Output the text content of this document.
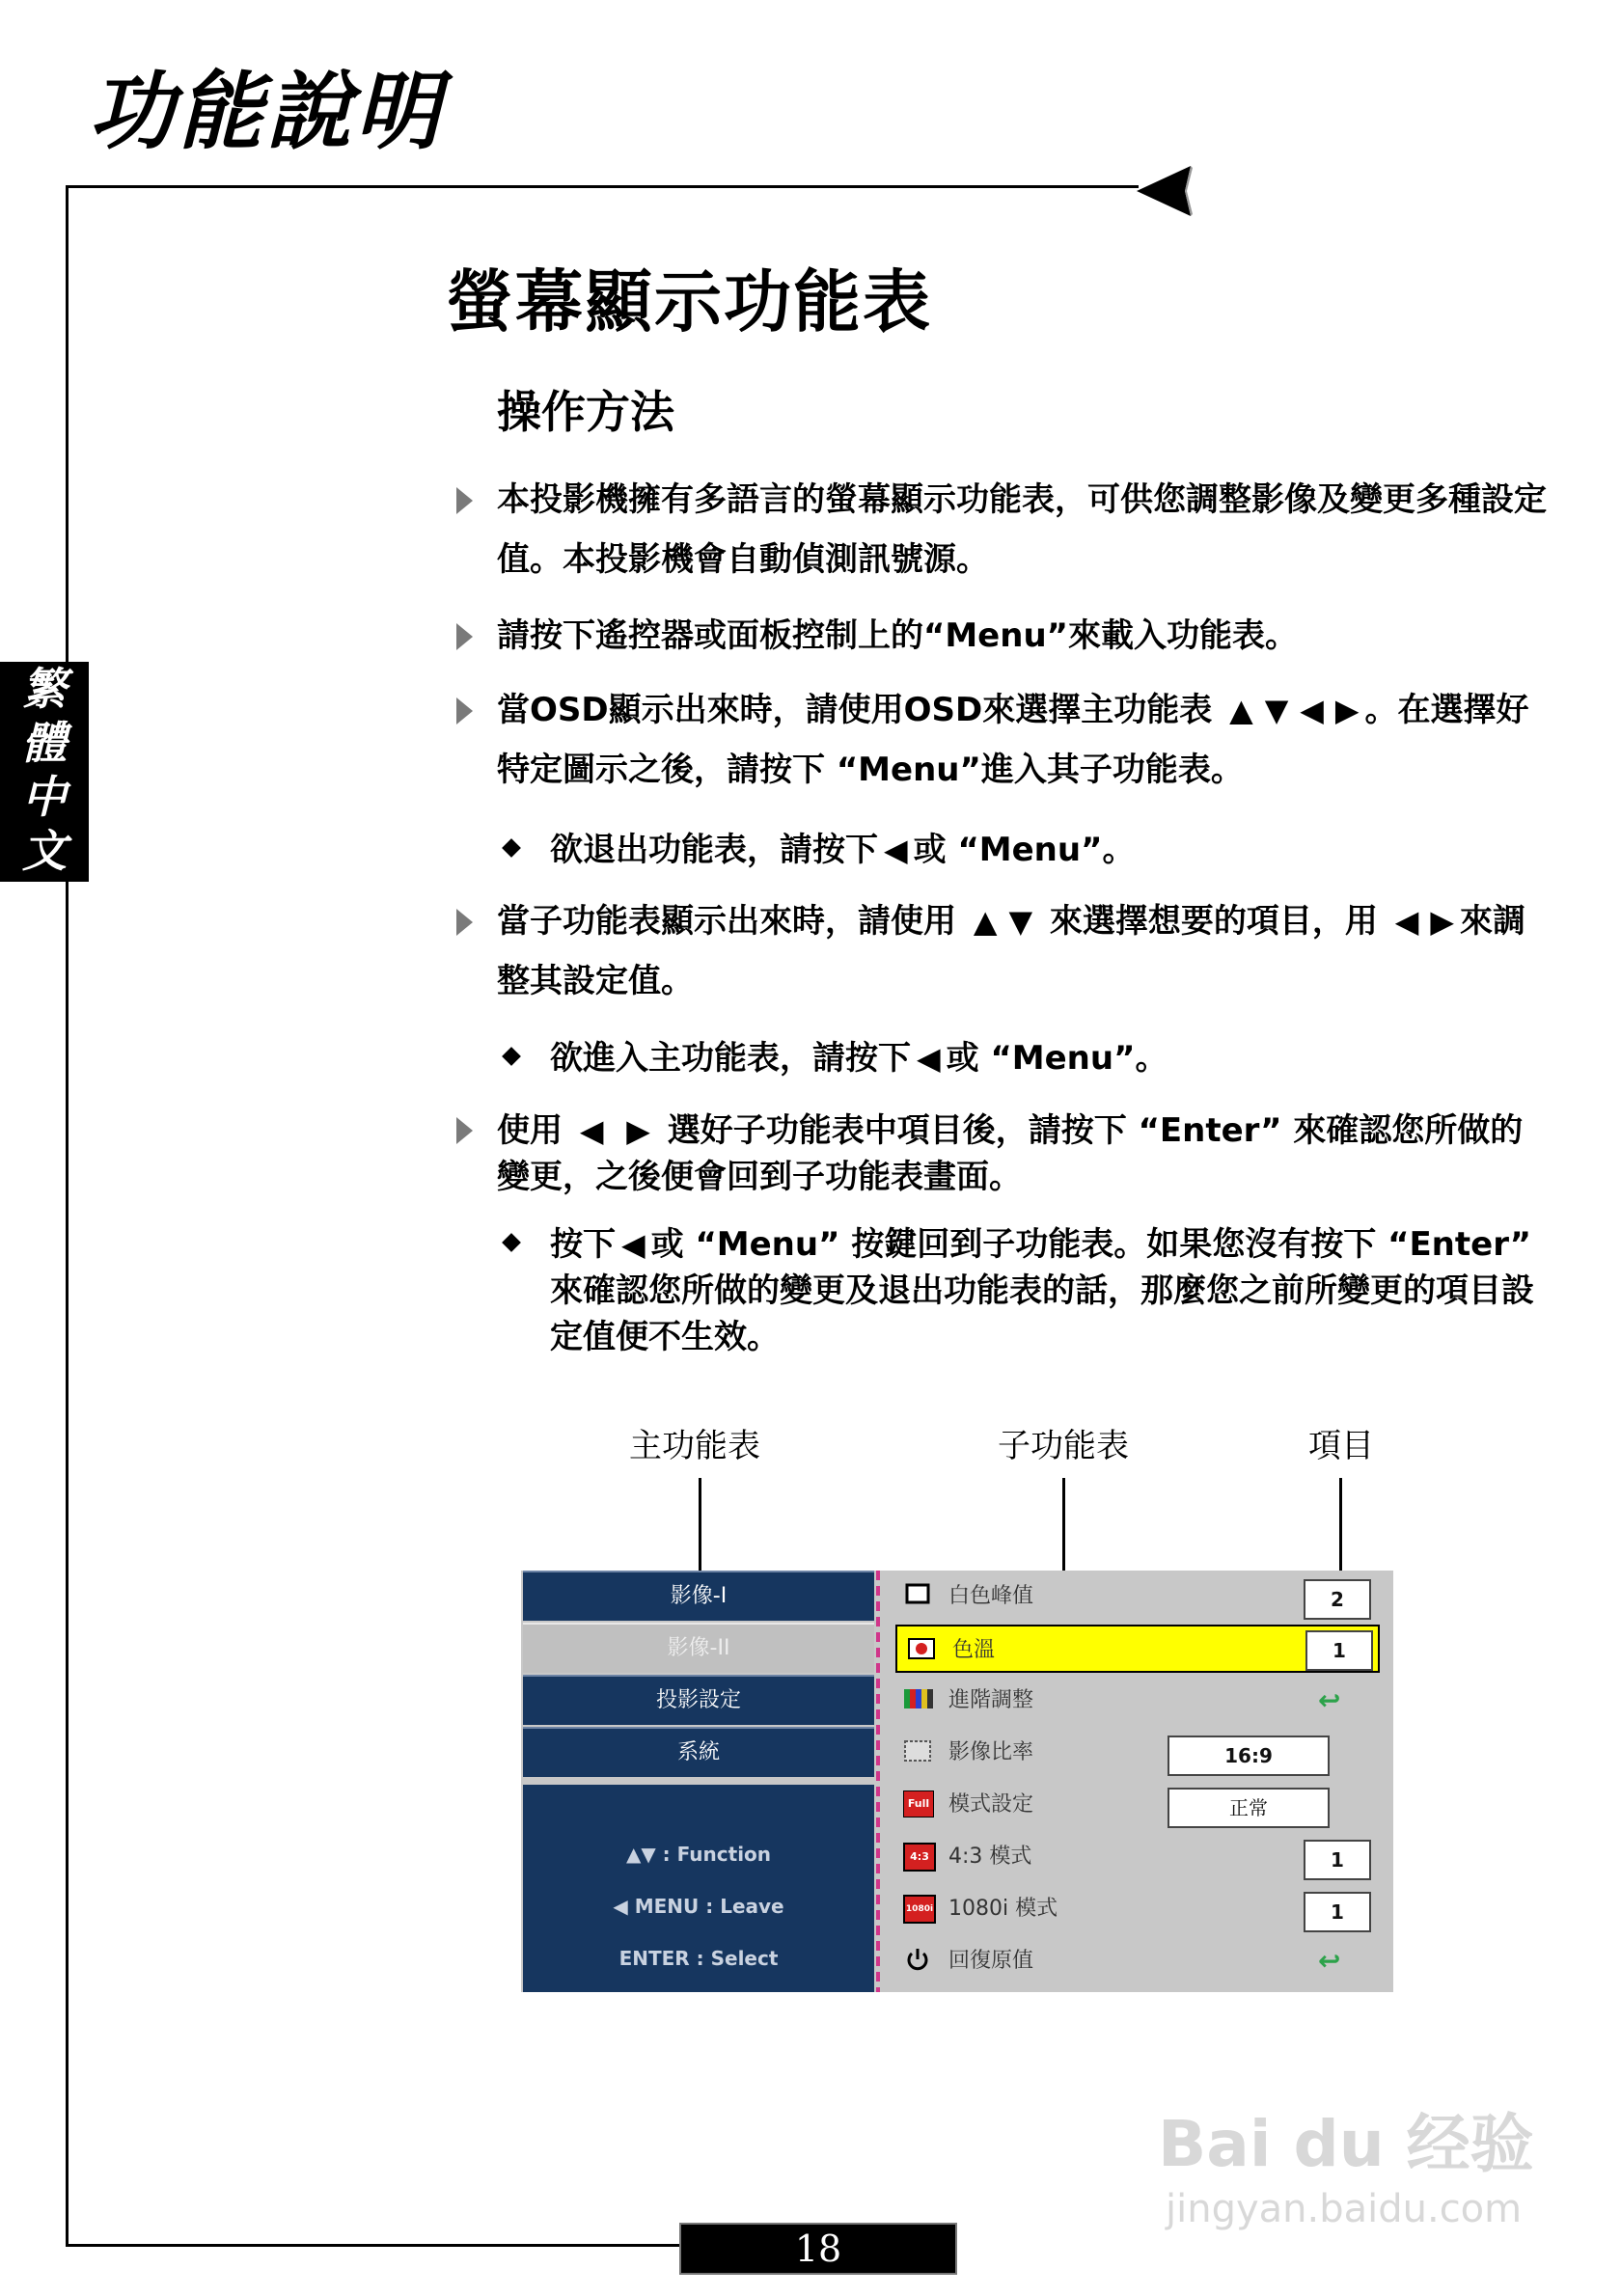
功能說明
繁
體
中
文
螢幕顯示功能表
操作方法
本投影機擁有多語言的螢幕顯示功能表，可供您調整影像及變更多種設定值。本投影機會自動偵測訊號源。
請按下遙控器或面板控制上的“Menu”來載入功能表。
當OSD顯示出來時，請使用OSD來選擇主功能表 ▲ ▼ ◀ ▶ 。在選擇好特定圖示之後，請按下 “Menu”進入其子功能表。
欲退出功能表，請按下 ◀ 或 “Menu”。
當子功能表顯示出來時，請使用 ▲ ▼ 來選擇想要的項目，用 ◀ ▶ 來調整其設定值。
欲進入主功能表，請按下 ◀ 或 “Menu”。
使用 ◀ ▶ 選好子功能表中項目後，請按下 “Enter” 來確認您所做的變更，之後便會回到子功能表畫面。
按下 ◀ 或 “Menu” 按鍵回到子功能表。如果您沒有按下 “Enter” 來確認您所做的變更及退出功能表的話，那麼您之前所變更的項目設定值便不生效。
主功能表	子功能表	項目
影像-I
影像-II
投影設定
系統
▲▼ : Function
◀ MENU : Leave
ENTER : Select
白色峰值	2
色溫	1
進階調整	↩
影像比率	16:9
Full 模式設定	正常
4:3 4:3 模式	1
1080i 1080i 模式	1
回復原值	↩
18
Bai du 经验
jingyan.baidu.com
